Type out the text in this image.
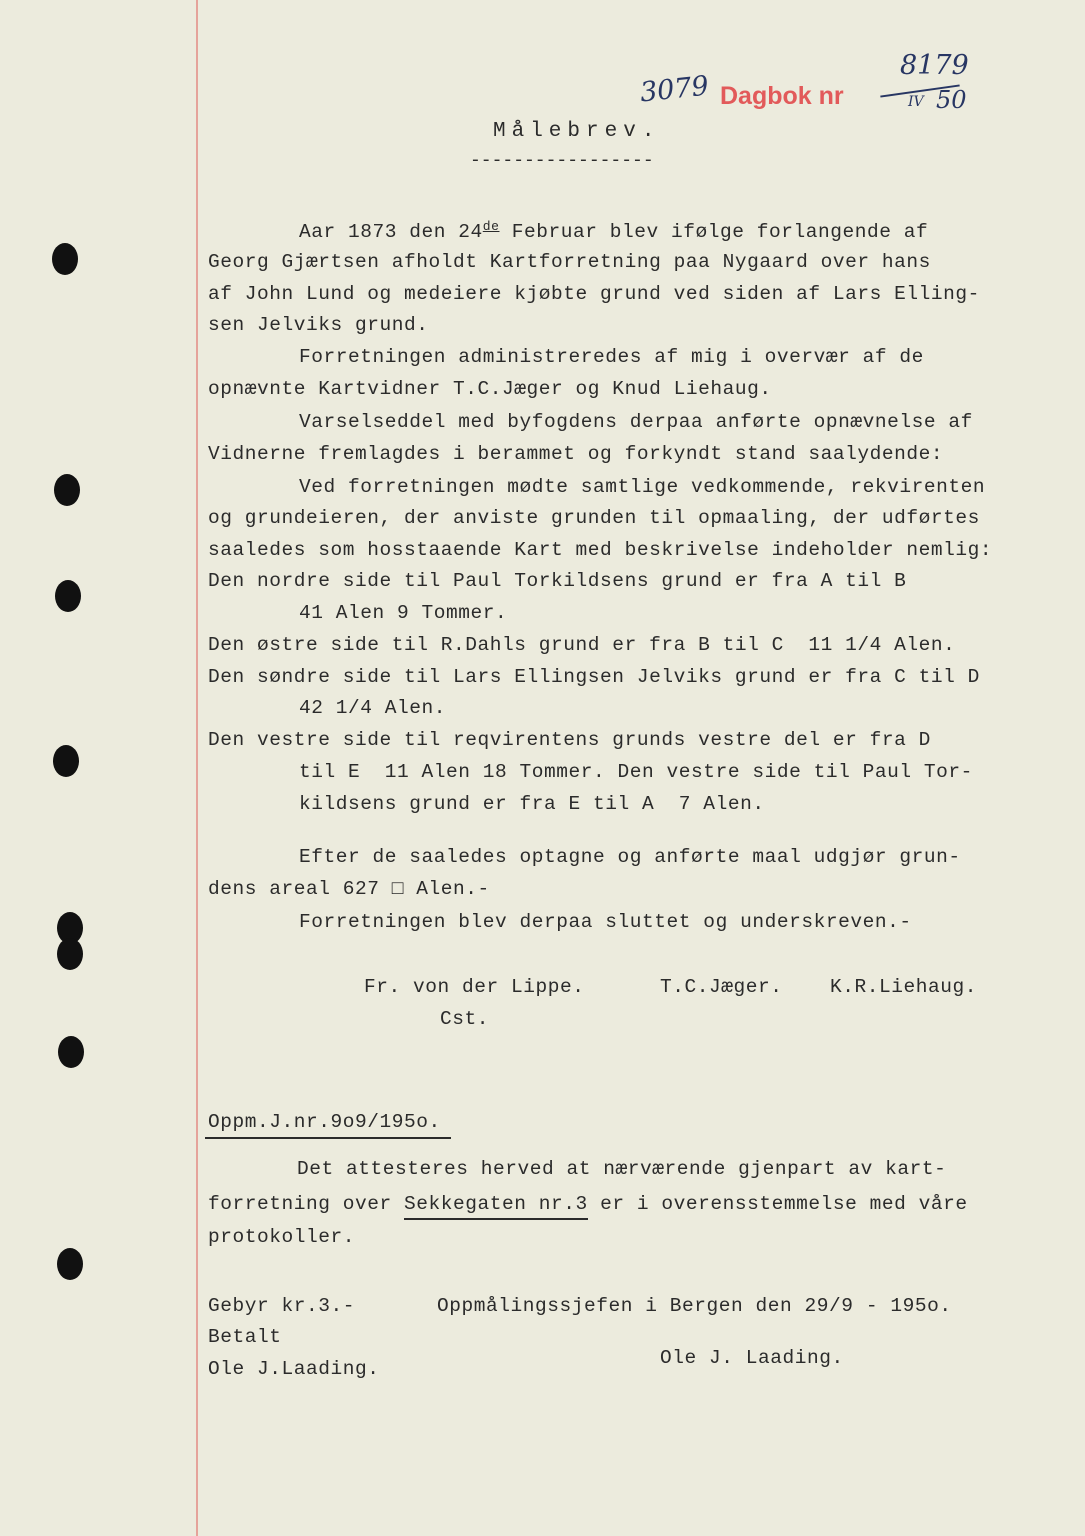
3079 Dagbok nr
8179
IV 50
Målebrev.
-----------------
Aar 1873 den 24de Februar blev ifølge forlangende af
Georg Gjærtsen afholdt Kartforretning paa Nygaard over hans
af John Lund og medeiere kjøbte grund ved siden af Lars Elling-
sen Jelviks grund.
Forretningen administreredes af mig i overvær af de
opnævnte Kartvidner T.C.Jæger og Knud Liehaug.
Varselseddel med byfogdens derpaa anførte opnævnelse af
Vidnerne fremlagdes i berammet og forkyndt stand saalydende:
Ved forretningen mødte samtlige vedkommende, rekvirenten
og grundeieren, der anviste grunden til opmaaling, der udførtes
saaledes som hosstaaende Kart med beskrivelse indeholder nemlig:
Den nordre side til Paul Torkildsens grund er fra A til B
41 Alen 9 Tommer.
Den østre side til R.Dahls grund er fra B til C  11 1/4 Alen.
Den søndre side til Lars Ellingsen Jelviks grund er fra C til D
42 1/4 Alen.
Den vestre side til reqvirentens grunds vestre del er fra D
til E  11 Alen 18 Tommer. Den vestre side til Paul Tor-
kildsens grund er fra E til A  7 Alen.
Efter de saaledes optagne og anførte maal udgjør grun-
dens areal 627 □ Alen.-
Forretningen blev derpaa sluttet og underskreven.-
Fr. von der Lippe.
Cst.
T.C.Jæger. K.R.Liehaug.
Oppm.J.nr.9o9/195o.
Det attesteres herved at nærværende gjenpart av kart-
forretning over Sekkegaten nr.3 er i overensstemmelse med våre
protokoller.
Gebyr kr.3.-
Betalt
Ole J.Laading.
Oppmålingssjefen i Bergen den 29/9 - 195o.
Ole J. Laading.
